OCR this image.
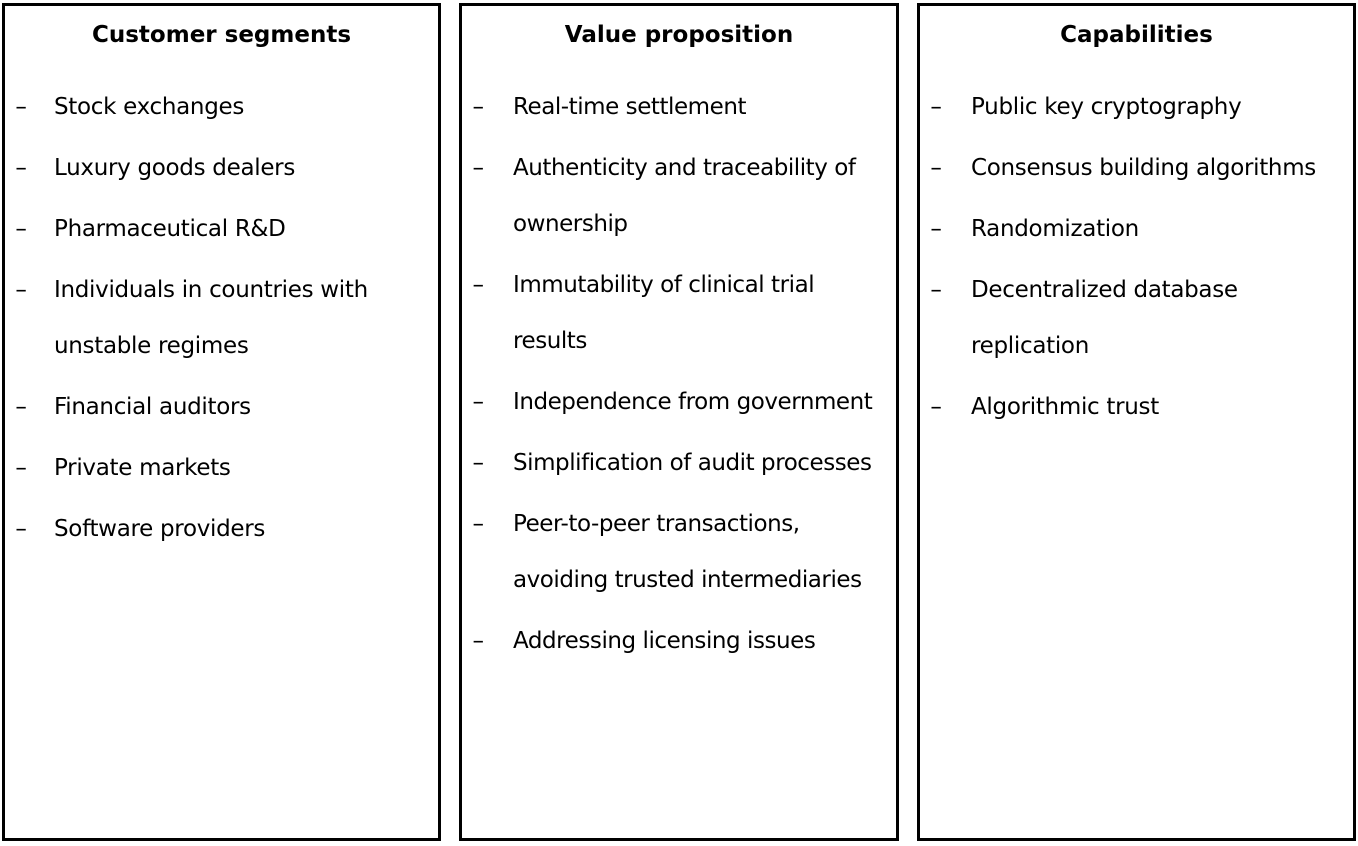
Customer segments
– Stock exchanges
– Luxury goods dealers
– Pharmaceutical R&D
– Individuals in countries with unstable regimes
– Financial auditors
– Private markets
– Software providers
Value proposition
– Real-time settlement
– Authenticity and traceability of ownership
– Immutability of clinical trial results
– Independence from government
– Simplification of audit processes
– Peer-to-peer transactions, avoiding trusted intermediaries
– Addressing licensing issues
Capabilities
– Public key cryptography
– Consensus building algorithms
– Randomization
– Decentralized database replication
– Algorithmic trust
